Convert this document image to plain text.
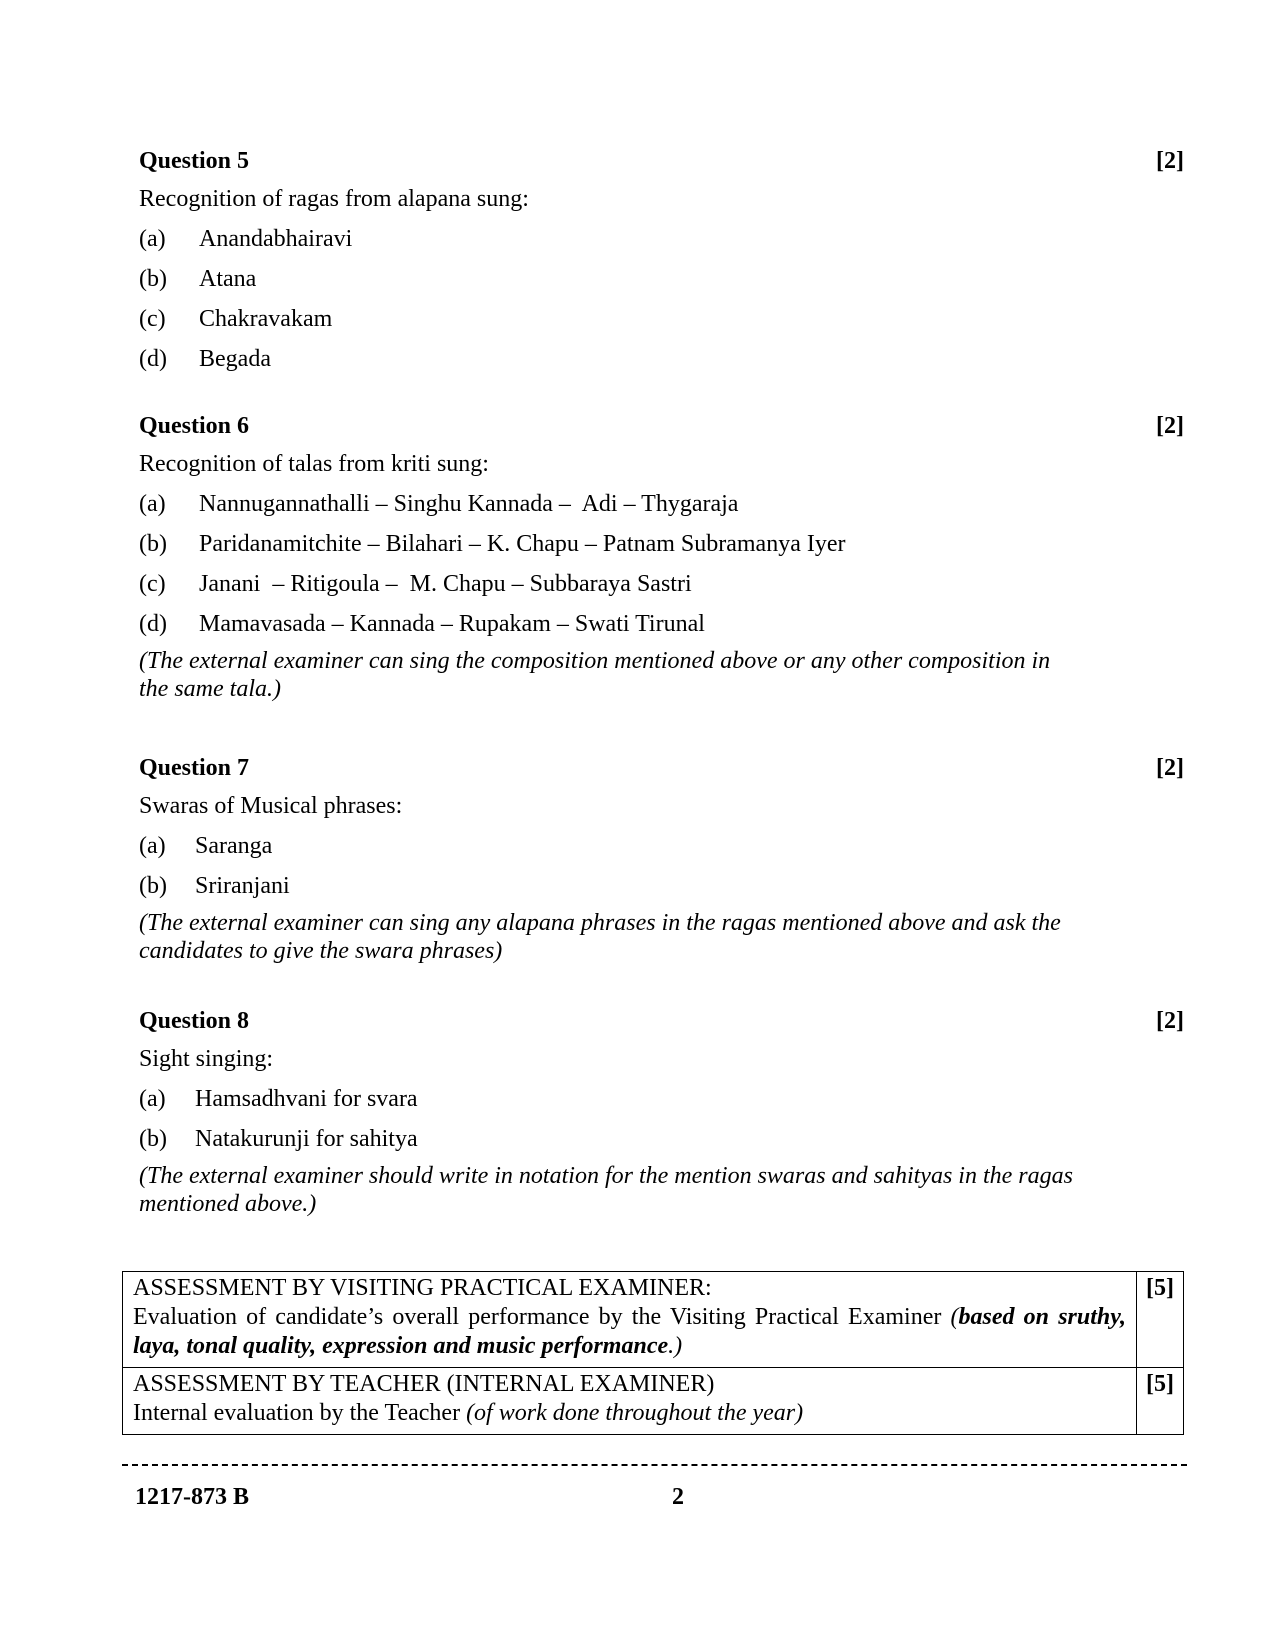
Question 5	[2]
Recognition of ragas from alapana sung:
(a)	Anandabhairavi
(b)	Atana
(c)	Chakravakam
(d)	Begada
Question 6	[2]
Recognition of talas from kriti sung:
(a)	Nannugannathalli – Singhu Kannada –  Adi – Thygaraja
(b)	Paridanamitchite – Bilahari – K. Chapu – Patnam Subramanya Iyer
(c)	Janani  – Ritigoula –  M. Chapu – Subbaraya Sastri
(d)	Mamavasada – Kannada – Rupakam – Swati Tirunal
(The external examiner can sing the composition mentioned above or any other composition in the same tala.)
Question 7	[2]
Swaras of Musical phrases:
(a)	Saranga
(b)	Sriranjani
(The external examiner can sing any alapana phrases in the ragas mentioned above and ask the candidates to give the swara phrases)
Question 8	[2]
Sight singing:
(a)	Hamsadhvani for svara
(b)	Natakurunji for sahitya
(The external examiner should write in notation for the mention swaras and sahityas in the ragas mentioned above.)
ASSESSMENT BY VISITING PRACTICAL EXAMINER:
Evaluation of candidate’s overall performance by the Visiting Practical Examiner (based on sruthy, laya, tonal quality, expression and music performance.)	[5]

ASSESSMENT BY TEACHER (INTERNAL EXAMINER)
Internal evaluation by the Teacher (of work done throughout the year)	[5]
1217-873 B	2
